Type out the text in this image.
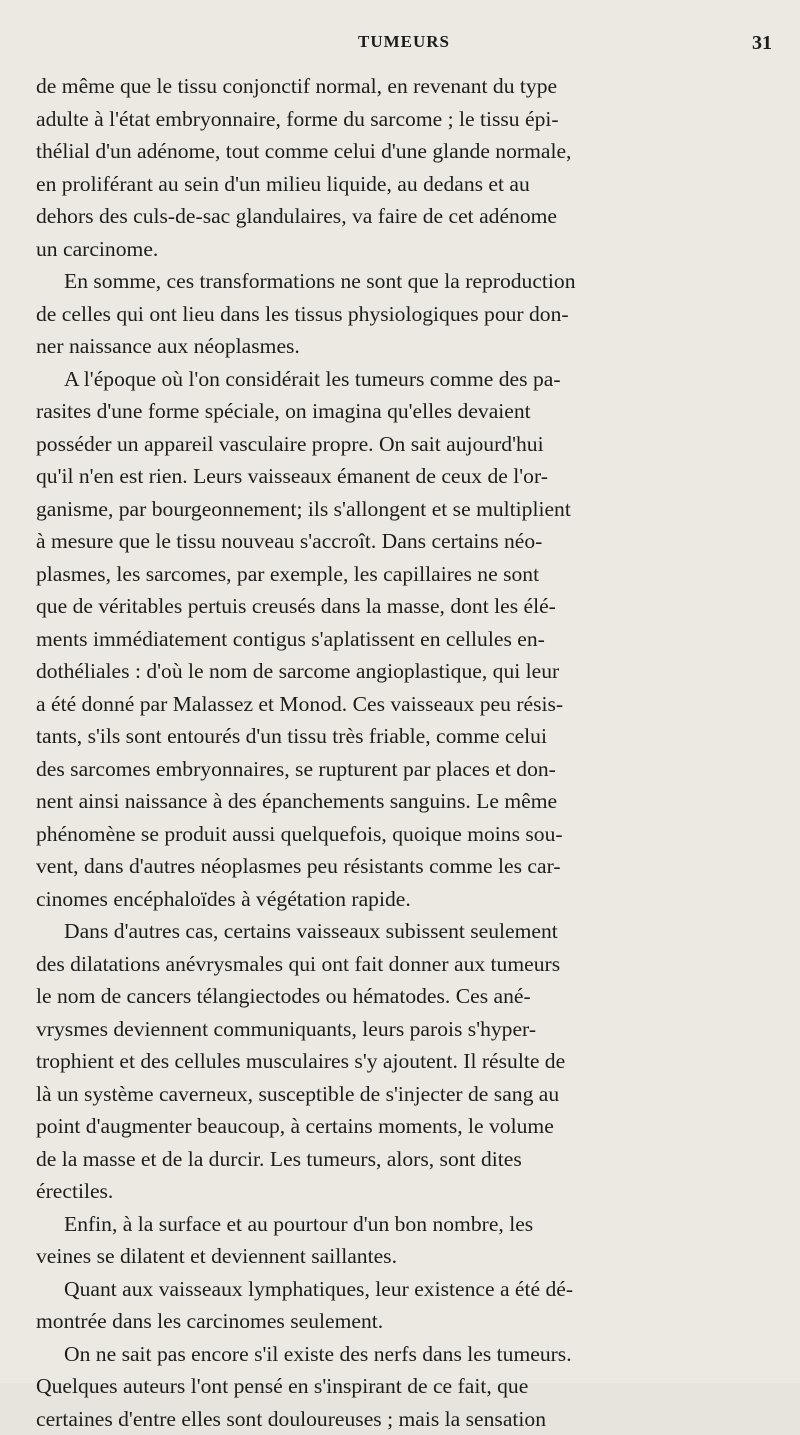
TUMEURS	31
de même que le tissu conjonctif normal, en revenant du type
adulte à l'état embryonnaire, forme du sarcome ; le tissu épi-
thélial d'un adénome, tout comme celui d'une glande normale,
en proliférant au sein d'un milieu liquide, au dedans et au
dehors des culs-de-sac glandulaires, va faire de cet adénome
un carcinome.
En somme, ces transformations ne sont que la reproduction
de celles qui ont lieu dans les tissus physiologiques pour don-
ner naissance aux néoplasmes.
A l'époque où l'on considérait les tumeurs comme des pa-
rasites d'une forme spéciale, on imagina qu'elles devaient
posséder un appareil vasculaire propre. On sait aujourd'hui
qu'il n'en est rien. Leurs vaisseaux émanent de ceux de l'or-
ganisme, par bourgeonnement; ils s'allongent et se multiplient
à mesure que le tissu nouveau s'accroît. Dans certains néo-
plasmes, les sarcomes, par exemple, les capillaires ne sont
que de véritables pertuis creusés dans la masse, dont les élé-
ments immédiatement contigus s'aplatissent en cellules en-
dothéliales : d'où le nom de sarcome angioplastique, qui leur
a été donné par Malassez et Monod. Ces vaisseaux peu résis-
tants, s'ils sont entourés d'un tissu très friable, comme celui
des sarcomes embryonnaires, se rupturent par places et don-
nent ainsi naissance à des épanchements sanguins. Le même
phénomène se produit aussi quelquefois, quoique moins sou-
vent, dans d'autres néoplasmes peu résistants comme les car-
cinomes encéphaloïdes à végétation rapide.
Dans d'autres cas, certains vaisseaux subissent seulement
des dilatations anévrysmales qui ont fait donner aux tumeurs
le nom de cancers télangiectodes ou hématodes. Ces ané-
vrysmes deviennent communiquants, leurs parois s'hyper-
trophient et des cellules musculaires s'y ajoutent. Il résulte de
là un système caverneux, susceptible de s'injecter de sang au
point d'augmenter beaucoup, à certains moments, le volume
de la masse et de la durcir. Les tumeurs, alors, sont dites
érectiles.
Enfin, à la surface et au pourtour d'un bon nombre, les
veines se dilatent et deviennent saillantes.
Quant aux vaisseaux lymphatiques, leur existence a été dé-
montrée dans les carcinomes seulement.
On ne sait pas encore s'il existe des nerfs dans les tumeurs.
Quelques auteurs l'ont pensé en s'inspirant de ce fait, que
certaines d'entre elles sont douloureuses ; mais la sensation
